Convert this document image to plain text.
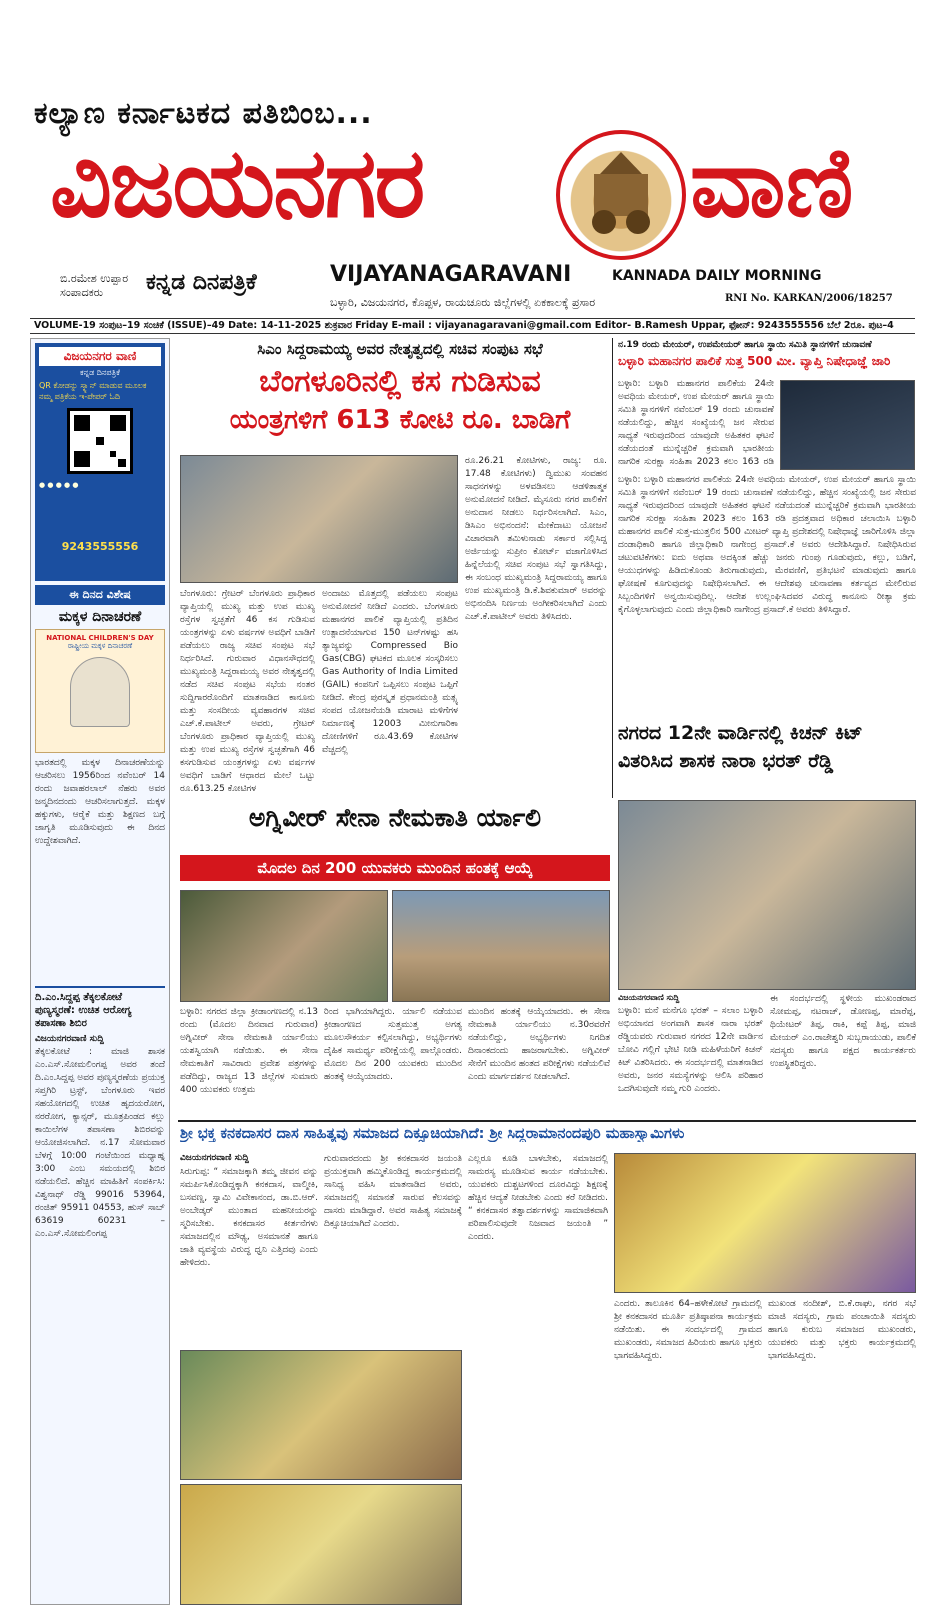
ಕಲ್ಯಾಣ ಕರ್ನಾಟಕದ ಪತಿಬಿಂಬ...
ವಿಜಯನಗರ	ವಾಣಿ
ಬಿ.ರಮೇಶ ಉಪ್ಪಾರ
ಸಂಪಾದಕರು	ಕನ್ನಡ ದಿನಪತ್ರಿಕೆ	VIJAYANAGARAVANI	KANNADA DAILY MORNING
ಬಳ್ಳಾರಿ, ವಿಜಯನಗರ, ಕೊಪ್ಪಳ, ರಾಯಚೂರು ಜಿಲ್ಲೆಗಳಲ್ಲಿ ಏಕಕಾಲಕ್ಕೆ ಪ್ರಸಾರ	RNI No. KARKAN/2006/18257
VOLUME-19 ಸಂಪುಟ–19 ಸಂಚಿಕೆ (ISSUE)–49 Date: 14-11-2025 ಶುಕ್ರವಾರ Friday E-mail : vijayanagaravani@gmail.com Editor- B.Ramesh Uppar, ಫೋನ್: 9243555556 ಬೆಲೆ 2ರೂ. ಪುಟ–4
ವಿಜಯನಗರ ವಾಣಿ
ಕನ್ನಡ ದಿನಪತ್ರಿಕೆ
QR ಕೋಡನ್ನು ಸ್ಕ್ಯಾನ್ ಮಾಡುವ ಮೂಲಕ ನಮ್ಮ ಪತ್ರಿಕೆಯ ಇ-ಪೇಪರ್ ಓದಿ
● ● ● ● ●
9243555556
ಈ ದಿನದ ವಿಶೇಷ
ಮಕ್ಕಳ ದಿನಾಚರಣೆ
NATIONAL CHILDREN'S DAY
ರಾಷ್ಟ್ರೀಯ ಮಕ್ಕಳ ದಿನಾಚರಣೆ
ಭಾರತದಲ್ಲಿ ಮಕ್ಕಳ ದಿನಾಚರಣೆಯನ್ನು ಆಚರಿಸಲು 1956ರಿಂದ ನವೆಂಬರ್ 14 ರಂದು ಜವಾಹರಲಾಲ್ ನೆಹರು ಅವರ ಜನ್ಮದಿನದಂದು ಆಚರಿಸಲಾಗುತ್ತದೆ. ಮಕ್ಕಳ ಹಕ್ಕುಗಳು, ಆರೈಕೆ ಮತ್ತು ಶಿಕ್ಷಣದ ಬಗ್ಗೆ ಜಾಗೃತಿ ಮೂಡಿಸುವುದು ಈ ದಿನದ ಉದ್ದೇಶವಾಗಿದೆ.
ದಿ.ಎಂ.ಸಿದ್ದಪ್ಪ ತೆಕ್ಕಲಕೋಟೆ ಪುಣ್ಯಸ್ಮರಣೆ: ಉಚಿತ ಆರೋಗ್ಯ ತಪಾಸಣಾ ಶಿಬಿರ
ವಿಜಯನಗರವಾಣಿ ಸುದ್ದಿ
ತೆಕ್ಕಲಕೋಟೆ : ಮಾಜಿ ಶಾಸಕ ಎಂ.ಎಸ್.ಸೋಮಲಿಂಗಪ್ಪ ಅವರ ತಂದೆ ದಿ.ಎಂ.ಸಿದ್ದಪ್ಪ ಅವರ ಪುಣ್ಯಸ್ಮರಣೆಯ ಪ್ರಯುಕ್ತ ಸಪ್ತಗಿರಿ ಟ್ರಸ್ಟ್, ಬೆಂಗಳೂರು ಇವರ ಸಹಯೋಗದಲ್ಲಿ ಉಚಿತ ಹೃದಯರೋಗ, ನರರೋಗ, ಕ್ಯಾನ್ಸರ್, ಮೂತ್ರಪಿಂಡದ ಕಲ್ಲು ಕಾಯಿಲೆಗಳ ತಪಾಸಣಾ ಶಿಬಿರವನ್ನು ಆಯೋಜಿಸಲಾಗಿದೆ. ನ.17 ಸೋಮವಾರ ಬೆಳಗ್ಗೆ 10:00 ಗಂಟೆಯಿಂದ ಮಧ್ಯಾಹ್ನ 3:00 ಎಂಬ ಸಮಯದಲ್ಲಿ ಶಿಬಿರ ನಡೆಯಲಿದೆ. ಹೆಚ್ಚಿನ ಮಾಹಿತಿಗೆ ಸಂಪರ್ಕಿಸಿ: ವಿಶ್ವನಾಥ್ ರೆಡ್ಡಿ 99016 53964, ರಂಜಿತ್ 95911 04553, ಹುಸ್ ಸಾಬ್ 63619 60231 – ಎಂ.ಎಸ್.ಸೋಮಲಿಂಗಪ್ಪ
ಸಿಎಂ ಸಿದ್ದರಾಮಯ್ಯ ಅವರ ನೇತೃತ್ವದಲ್ಲಿ ಸಚಿವ ಸಂಪುಟ ಸಭೆ
ಬೆಂಗಳೂರಿನಲ್ಲಿ ಕಸ ಗುಡಿಸುವ
ಯಂತ್ರಗಳಿಗೆ 613 ಕೋಟಿ ರೂ. ಬಾಡಿಗೆ
ಬೆಂಗಳೂರು: ಗ್ರೇಟರ್ ಬೆಂಗಳೂರು ಪ್ರಾಧಿಕಾರ ವ್ಯಾಪ್ತಿಯಲ್ಲಿ ಮುಖ್ಯ ಮತ್ತು ಉಪ ಮುಖ್ಯ ರಸ್ತೆಗಳ ಸ್ವಚ್ಛತೆಗೆ 46 ಕಸ ಗುಡಿಸುವ ಯಂತ್ರಗಳನ್ನು ಏಳು ವರ್ಷಗಳ ಅವಧಿಗೆ ಬಾಡಿಗೆ ಪಡೆಯಲು ರಾಜ್ಯ ಸಚಿವ ಸಂಪುಟ ಸಭೆ ನಿರ್ಧರಿಸಿದೆ. ಗುರುವಾರ ವಿಧಾನಸೌಧದಲ್ಲಿ ಮುಖ್ಯಮಂತ್ರಿ ಸಿದ್ದರಾಮಯ್ಯ ಅವರ ನೇತೃತ್ವದಲ್ಲಿ ನಡೆದ ಸಚಿವ ಸಂಪುಟ ಸಭೆಯ ನಂತರ ಸುದ್ದಿಗಾರರೊಂದಿಗೆ ಮಾತನಾಡಿದ ಕಾನೂನು ಮತ್ತು ಸಂಸದೀಯ ವ್ಯವಹಾರಗಳ ಸಚಿವ ಎಚ್.ಕೆ.ಪಾಟೀಲ್ ಅವರು, ಗ್ರೇಟರ್ ಬೆಂಗಳೂರು ಪ್ರಾಧಿಕಾರ ವ್ಯಾಪ್ತಿಯಲ್ಲಿ ಮುಖ್ಯ ಮತ್ತು ಉಪ ಮುಖ್ಯ ರಸ್ತೆಗಳ ಸ್ವಚ್ಛತೆಗಾಗಿ 46 ಕಸಗುಡಿಸುವ ಯಂತ್ರಗಳನ್ನು ಏಳು ವರ್ಷಗಳ ಅವಧಿಗೆ ಬಾಡಿಗೆ ಆಧಾರದ ಮೇಲೆ ಒಟ್ಟು ರೂ.613.25 ಕೋಟಿಗಳ
ಅಂದಾಜು ಮೊತ್ತದಲ್ಲಿ ಪಡೆಯಲು ಸಂಪುಟ ಅನುಮೋದನೆ ನೀಡಿದೆ ಎಂದರು. ಬೆಂಗಳೂರು ಮಹಾನಗರ ಪಾಲಿಕೆ ವ್ಯಾಪ್ತಿಯಲ್ಲಿ ಪ್ರತಿದಿನ ಉತ್ಪಾದನೆಯಾಗುವ 150 ಟನ್‌ಗಳಷ್ಟು ಹಸಿ ತ್ಯಾಜ್ಯವನ್ನು Compressed Bio Gas(CBG) ಘಟಕದ ಮೂಲಕ ಸಂಸ್ಕರಿಸಲು Gas Authority of India Limited (GAIL) ಕಂಪನಿಗೆ ಒಪ್ಪಿಸಲು ಸಂಪುಟ ಒಪ್ಪಿಗೆ ನೀಡಿದೆ. ಕೇಂದ್ರ ಪುರಸ್ಕೃತ ಪ್ರಧಾನಮಂತ್ರಿ ಮತ್ಸ್ಯ ಸಂಪದ ಯೋಜನೆಯಡಿ ಮಾರಾಟ ಮಳಿಗೆಗಳ ನಿರ್ಮಾಣಕ್ಕೆ 12003 ಮೀನುಗಾರಿಕಾ ದೋಣಿಗಳಿಗೆ ರೂ.43.69 ಕೋಟಿಗಳ ವೆಚ್ಚದಲ್ಲಿ
ರೂ.26.21 ಕೋಟಿಗಳು, ರಾಜ್ಯ: ರೂ. 17.48 ಕೋಟಿಗಳು) ದ್ವಿಮುಖ ಸಂವಹನ ಸಾಧನಗಳನ್ನು ಅಳವಡಿಸಲು ಆಡಳಿತಾತ್ಮಕ ಅನುಮೋದನೆ ನೀಡಿದೆ. ಮೈಸೂರು ನಗರ ಪಾಲಿಕೆಗೆ ಅನುದಾನ ನೀಡಲು ನಿರ್ಧರಿಸಲಾಗಿದೆ. ಸಿಎಂ, ಡಿಸಿಎಂ ಅಭಿನಂದನೆ: ಮೇಕೆದಾಟು ಯೋಜನೆ ವಿಚಾರವಾಗಿ ತಮಿಳುನಾಡು ಸರ್ಕಾರ ಸಲ್ಲಿಸಿದ್ದ ಅರ್ಜಿಯನ್ನು ಸುಪ್ರೀಂ ಕೋರ್ಟ್ ವಜಾಗೊಳಿಸಿದ ಹಿನ್ನೆಲೆಯಲ್ಲಿ ಸಚಿವ ಸಂಪುಟ ಸಭೆ ಸ್ವಾಗತಿಸಿದ್ದು, ಈ ಸಂಬಂಧ ಮುಖ್ಯಮಂತ್ರಿ ಸಿದ್ದರಾಮಯ್ಯ ಹಾಗೂ ಉಪ ಮುಖ್ಯಮಂತ್ರಿ ಡಿ.ಕೆ.ಶಿವಕುಮಾರ್ ಅವರನ್ನು ಅಭಿನಂದಿಸಿ ನಿರ್ಣಯ ಅಂಗೀಕರಿಸಲಾಗಿದೆ ಎಂದು ಎಚ್.ಕೆ.ಪಾಟೀಲ್ ಅವರು ತಿಳಿಸಿದರು.
ನ.19 ರಂದು ಮೇಯರ್, ಉಪಮೇಯರ್ ಹಾಗೂ ಸ್ಥಾಯಿ ಸಮಿತಿ ಸ್ಥಾನಗಳಿಗೆ ಚುನಾವಣೆ
ಬಳ್ಳಾರಿ ಮಹಾನಗರ ಪಾಲಿಕೆ ಸುತ್ತ 500 ಮೀ. ವ್ಯಾಪ್ತಿ ನಿಷೇಧಾಜ್ಞೆ ಜಾರಿ
ಬಳ್ಳಾರಿ: ಬಳ್ಳಾರಿ ಮಹಾನಗರ ಪಾಲಿಕೆಯ 24ನೇ ಅವಧಿಯ ಮೇಯರ್, ಉಪ ಮೇಯರ್ ಹಾಗೂ ಸ್ಥಾಯಿ ಸಮಿತಿ ಸ್ಥಾನಗಳಿಗೆ ನವೆಂಬರ್ 19 ರಂದು ಚುನಾವಣೆ ನಡೆಯಲಿದ್ದು, ಹೆಚ್ಚಿನ ಸಂಖ್ಯೆಯಲ್ಲಿ ಜನ ಸೇರುವ ಸಾಧ್ಯತೆ ಇರುವುದರಿಂದ ಯಾವುದೇ ಅಹಿತಕರ ಘಟನೆ ನಡೆಯದಂತೆ ಮುನ್ನೆಚ್ಚರಿಕೆ ಕ್ರಮವಾಗಿ ಭಾರತೀಯ ನಾಗರಿಕ ಸುರಕ್ಷಾ ಸಂಹಿತಾ 2023 ಕಲಂ 163 ರಡಿ
ಬಳ್ಳಾರಿ: ಬಳ್ಳಾರಿ ಮಹಾನಗರ ಪಾಲಿಕೆಯ 24ನೇ ಅವಧಿಯ ಮೇಯರ್, ಉಪ ಮೇಯರ್ ಹಾಗೂ ಸ್ಥಾಯಿ ಸಮಿತಿ ಸ್ಥಾನಗಳಿಗೆ ನವೆಂಬರ್ 19 ರಂದು ಚುನಾವಣೆ ನಡೆಯಲಿದ್ದು, ಹೆಚ್ಚಿನ ಸಂಖ್ಯೆಯಲ್ಲಿ ಜನ ಸೇರುವ ಸಾಧ್ಯತೆ ಇರುವುದರಿಂದ ಯಾವುದೇ ಅಹಿತಕರ ಘಟನೆ ನಡೆಯದಂತೆ ಮುನ್ನೆಚ್ಚರಿಕೆ ಕ್ರಮವಾಗಿ ಭಾರತೀಯ ನಾಗರಿಕ ಸುರಕ್ಷಾ ಸಂಹಿತಾ 2023 ಕಲಂ 163 ರಡಿ ಪ್ರದತ್ತವಾದ ಅಧಿಕಾರ ಚಲಾಯಿಸಿ ಬಳ್ಳಾರಿ ಮಹಾನಗರ ಪಾಲಿಕೆ ಸುತ್ತ-ಮುತ್ತಲಿನ 500 ಮೀಟರ್ ವ್ಯಾಪ್ತಿ ಪ್ರದೇಶದಲ್ಲಿ ನಿಷೇಧಾಜ್ಞೆ ಜಾರಿಗೊಳಿಸಿ ಜಿಲ್ಲಾ ದಂಡಾಧಿಕಾರಿ ಹಾಗೂ ಜಿಲ್ಲಾಧಿಕಾರಿ ನಾಗೇಂದ್ರ ಪ್ರಸಾದ್.ಕೆ ಅವರು ಆದೇಶಿಸಿದ್ದಾರೆ. ನಿಷೇಧಿಸಿರುವ ಚಟುವಟಿಕೆಗಳು: ಐದು ಅಥವಾ ಅದಕ್ಕಿಂತ ಹೆಚ್ಚು ಜನರು ಗುಂಪು ಗೂಡುವುದು, ಕಲ್ಲು, ಬಡಿಗೆ, ಆಯುಧಗಳನ್ನು ಹಿಡಿದುಕೊಂಡು ತಿರುಗಾಡುವುದು, ಮೆರವಣಿಗೆ, ಪ್ರತಿಭಟನೆ ಮಾಡುವುದು ಹಾಗೂ ಘೋಷಣೆ ಕೂಗುವುದನ್ನು ನಿಷೇಧಿಸಲಾಗಿದೆ. ಈ ಆದೇಶವು ಚುನಾವಣಾ ಕರ್ತವ್ಯದ ಮೇಲಿರುವ ಸಿಬ್ಬಂದಿಗಳಿಗೆ ಅನ್ವಯಿಸುವುದಿಲ್ಲ. ಆದೇಶ ಉಲ್ಲಂಘಿಸಿದವರ ವಿರುದ್ಧ ಕಾನೂನು ರೀತ್ಯಾ ಕ್ರಮ ಕೈಗೊಳ್ಳಲಾಗುವುದು ಎಂದು ಜಿಲ್ಲಾಧಿಕಾರಿ ನಾಗೇಂದ್ರ ಪ್ರಸಾದ್.ಕೆ ಅವರು ತಿಳಿಸಿದ್ದಾರೆ.
ನಗರದ 12ನೇ ವಾರ್ಡಿನಲ್ಲಿ ಕಿಚನ್ ಕಿಟ್
ವಿತರಿಸಿದ ಶಾಸಕ ನಾರಾ ಭರತ್ ರೆಡ್ಡಿ
ವಿಜಯನಗರವಾಣಿ ಸುದ್ದಿ
ಬಳ್ಳಾರಿ: ಮನೆ ಮನೆಗೂ ಭರತ್ – ಸಲಾಂ ಬಳ್ಳಾರಿ ಅಭಿಯಾನದ ಅಂಗವಾಗಿ ಶಾಸಕ ನಾರಾ ಭರತ್ ರೆಡ್ಡಿಯವರು ಗುರುವಾರ ನಗರದ 12ನೇ ವಾರ್ಡಿನ ಬೋವಿ ಗಲ್ಲಿಗೆ ಭೇಟಿ ನೀಡಿ ಮಹಿಳೆಯರಿಗೆ ಕಿಚನ್ ಕಿಟ್ ವಿತರಿಸಿದರು. ಈ ಸಂದರ್ಭದಲ್ಲಿ ಮಾತನಾಡಿದ ಅವರು, ಜನರ ಸಮಸ್ಯೆಗಳನ್ನು ಆಲಿಸಿ ಪರಿಹಾರ ಒದಗಿಸುವುದೇ ನಮ್ಮ ಗುರಿ ಎಂದರು.
ಈ ಸಂದರ್ಭದಲ್ಲಿ ಸ್ಥಳೀಯ ಮುಖಂಡರಾದ ಸೋಮಪ್ಪ, ನಟರಾಜ್, ಡೋಣಪ್ಪ, ಮಾರೆಪ್ಪ, ಥಿಯೇಟರ್ ತಿಪ್ಪ, ರಾಕಿ, ಕಪ್ಪೆ ತಿಪ್ಪ, ಮಾಜಿ ಮೇಯರ್ ಎಂ.ರಾಜೇಶ್ವರಿ ಸುಬ್ಬರಾಯುಡು, ಪಾಲಿಕೆ ಸದಸ್ಯರು ಹಾಗೂ ಪಕ್ಷದ ಕಾರ್ಯಕರ್ತರು ಉಪಸ್ಥಿತರಿದ್ದರು.
ಅಗ್ನಿವೀರ್ ಸೇನಾ ನೇಮಕಾತಿ ರ್ಯಾಲಿ
ಮೊದಲ ದಿನ 200 ಯುವಕರು ಮುಂದಿನ ಹಂತಕ್ಕೆ ಆಯ್ಕೆ
ಬಳ್ಳಾರಿ: ನಗರದ ಜಿಲ್ಲಾ ಕ್ರೀಡಾಂಗಣದಲ್ಲಿ ನ.13 ರಂದು (ಮೊದಲ ದಿನವಾದ ಗುರುವಾರ) ಅಗ್ನಿವೀರ್ ಸೇನಾ ನೇಮಕಾತಿ ರ್ಯಾಲಿಯು ಯಶಸ್ವಿಯಾಗಿ ನಡೆಯಿತು. ಈ ಸೇನಾ ನೇಮಕಾತಿಗೆ ಸಾವಿರಾರು ಪ್ರವೇಶ ಪತ್ರಗಳನ್ನು ಪಡೆದಿದ್ದು, ರಾಜ್ಯದ 13 ಜಿಲ್ಲೆಗಳ ಸುಮಾರು 400 ಯುವಕರು ಉತ್ತಮ
ರಿಂದ ಭಾಗಿಯಾಗಿದ್ದರು. ರ್ಯಾಲಿ ನಡೆಯುವ ಕ್ರೀಡಾಂಗಣದ ಸುತ್ತಮುತ್ತ ಅಗತ್ಯ ಮೂಲಸೌಕರ್ಯ ಕಲ್ಪಿಸಲಾಗಿದ್ದು, ಅಭ್ಯರ್ಥಿಗಳು ದೈಹಿಕ ಸಾಮರ್ಥ್ಯ ಪರೀಕ್ಷೆಯಲ್ಲಿ ಪಾಲ್ಗೊಂಡರು. ಮೊದಲ ದಿನ 200 ಯುವಕರು ಮುಂದಿನ ಹಂತಕ್ಕೆ ಆಯ್ಕೆಯಾದರು.
ಮುಂದಿನ ಹಂತಕ್ಕೆ ಆಯ್ಕೆಯಾದರು. ಈ ಸೇನಾ ನೇಮಕಾತಿ ರ್ಯಾಲಿಯು ನ.30ರವರೆಗೆ ನಡೆಯಲಿದ್ದು, ಅಭ್ಯರ್ಥಿಗಳು ನಿಗದಿತ ದಿನಾಂಕದಂದು ಹಾಜರಾಗಬೇಕು. ಅಗ್ನಿವೀರ್ ಸೇನೆಗೆ ಮುಂದಿನ ಹಂತದ ಪರೀಕ್ಷೆಗಳು ನಡೆಯಲಿವೆ ಎಂದು ಮಾರ್ಗದರ್ಶನ ನೀಡಲಾಗಿದೆ.
ಶ್ರೀ ಭಕ್ತ ಕನಕದಾಸರ ದಾಸ ಸಾಹಿತ್ಯವು ಸಮಾಜದ ದಿಕ್ಸೂಚಿಯಾಗಿದೆ: ಶ್ರೀ ಸಿದ್ದರಾಮಾನಂದಪುರಿ ಮಹಾಸ್ವಾಮಿಗಳು
ವಿಜಯನಗರವಾಣಿ ಸುದ್ದಿ
ಸಿರುಗುಪ್ಪ: “ ಸಮಾಜಕ್ಕಾಗಿ ತಮ್ಮ ಜೀವನ ವನ್ನು ಸಮರ್ಪಿಸಿಕೊಂಡಿದ್ದಕ್ಕಾಗಿ ಕನಕದಾಸ, ವಾಲ್ಮೀಕಿ, ಬಸವಣ್ಣ, ಸ್ವಾಮಿ ವಿವೇಕಾನಂದ, ಡಾ.ಬಿ.ಆರ್. ಅಂಬೇಡ್ಕರ್ ಮುಂತಾದ ಮಹನೀಯರನ್ನು ಸ್ಮರಿಸಬೇಕು. ಕನಕದಾಸರ ಕೀರ್ತನೆಗಳು ಸಮಾಜದಲ್ಲಿನ ಮೌಢ್ಯ, ಅಸಮಾನತೆ ಹಾಗೂ ಜಾತಿ ವ್ಯವಸ್ಥೆಯ ವಿರುದ್ಧ ಧ್ವನಿ ಎತ್ತಿದವು ಎಂದು ಹೇಳಿದರು.
ಗುರುವಾರದಂದು ಶ್ರೀ ಕನಕದಾಸರ ಜಯಂತಿ ಪ್ರಯುಕ್ತವಾಗಿ ಹಮ್ಮಿಕೊಂಡಿದ್ದ ಕಾರ್ಯಕ್ರಮದಲ್ಲಿ ಸಾನಿಧ್ಯ ವಹಿಸಿ ಮಾತನಾಡಿದ ಅವರು, ಸಮಾಜದಲ್ಲಿ ಸಮಾನತೆ ಸಾರುವ ಕೆಲಸವನ್ನು ದಾಸರು ಮಾಡಿದ್ದಾರೆ. ಅವರ ಸಾಹಿತ್ಯ ಸಮಾಜಕ್ಕೆ ದಿಕ್ಸೂಚಿಯಾಗಿದೆ ಎಂದರು.
ಎಲ್ಲರೂ ಕೂಡಿ ಬಾಳಬೇಕು, ಸಮಾಜದಲ್ಲಿ ಸಾಮರಸ್ಯ ಮೂಡಿಸುವ ಕಾರ್ಯ ನಡೆಯಬೇಕು. ಯುವಕರು ದುಶ್ಚಟಗಳಿಂದ ದೂರವಿದ್ದು ಶಿಕ್ಷಣಕ್ಕೆ ಹೆಚ್ಚಿನ ಆದ್ಯತೆ ನೀಡಬೇಕು ಎಂದು ಕರೆ ನೀಡಿದರು. “ ಕನಕದಾಸರ ತತ್ವಾದರ್ಶಗಳನ್ನು ಸಾಮಾಜಿಕವಾಗಿ ಪರಿಪಾಲಿಸುವುದೇ ನಿಜವಾದ ಜಯಂತಿ ” ಎಂದರು.
ಎಂದರು. ತಾಲೂಕಿನ 64–ಹಳೇಕೋಟೆ ಗ್ರಾಮದಲ್ಲಿ ಶ್ರೀ ಕನಕದಾಸರ ಮೂರ್ತಿ ಪ್ರತಿಷ್ಠಾಪನಾ ಕಾರ್ಯಕ್ರಮ ನಡೆಯಿತು. ಈ ಸಂದರ್ಭದಲ್ಲಿ ಗ್ರಾಮದ ಮುಖಂಡರು, ಸಮಾಜದ ಹಿರಿಯರು ಹಾಗೂ ಭಕ್ತರು ಭಾಗವಹಿಸಿದ್ದರು.
ಮುಖಂಡ ನಂದೀಶ್, ಬಿ.ಕೆ.ರಾಘು, ನಗರ ಸಭೆ ಮಾಜಿ ಸದಸ್ಯರು, ಗ್ರಾಮ ಪಂಚಾಯಿತಿ ಸದಸ್ಯರು ಹಾಗೂ ಕುರುಬ ಸಮಾಜದ ಮುಖಂಡರು, ಯುವಕರು ಮತ್ತು ಭಕ್ತರು ಕಾರ್ಯಕ್ರಮದಲ್ಲಿ ಭಾಗವಹಿಸಿದ್ದರು.
